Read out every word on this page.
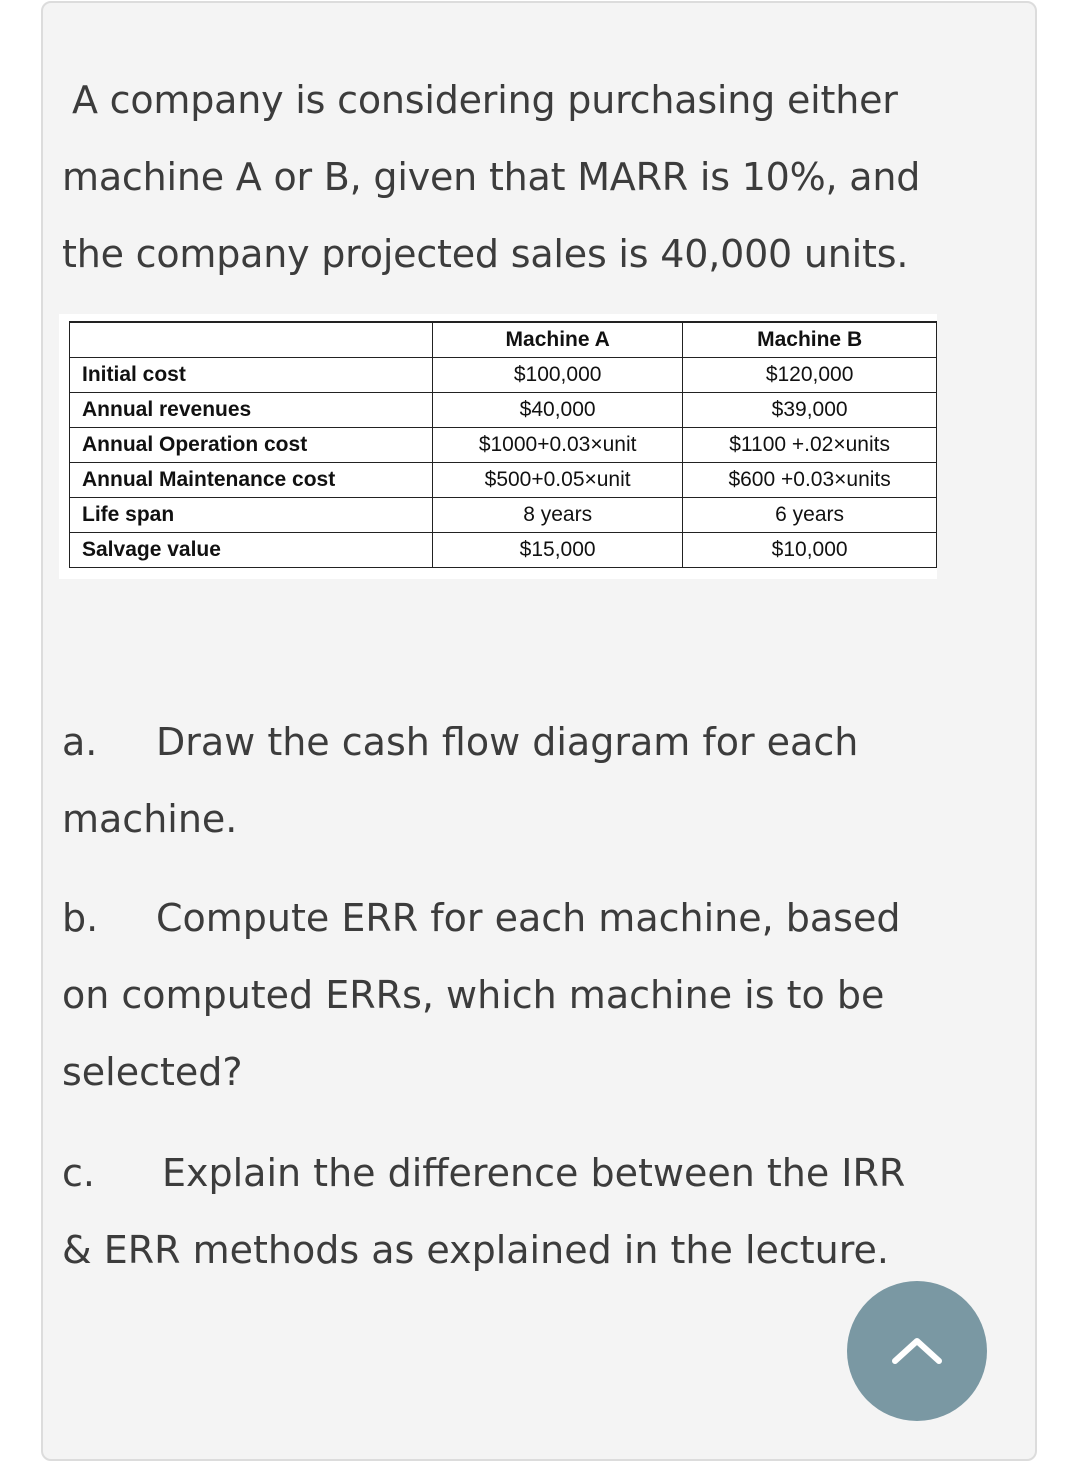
A company is considering purchasing either
machine A or B, given that MARR is 10%, and
the company projected sales is 40,000 units.

	Machine A	Machine B
Initial cost	$100,000	$120,000
Annual revenues	$40,000	$39,000
Annual Operation cost	$1000+0.03×unit	$1100 +.02×units
Annual Maintenance cost	$500+0.05×unit	$600 +0.03×units
Life span	8 years	6 years
Salvage value	$15,000	$10,000

a. Draw the cash flow diagram for each
machine.

b. Compute ERR for each machine, based
on computed ERRs, which machine is to be
selected?

c. Explain the difference between the IRR
& ERR methods as explained in the lecture.
